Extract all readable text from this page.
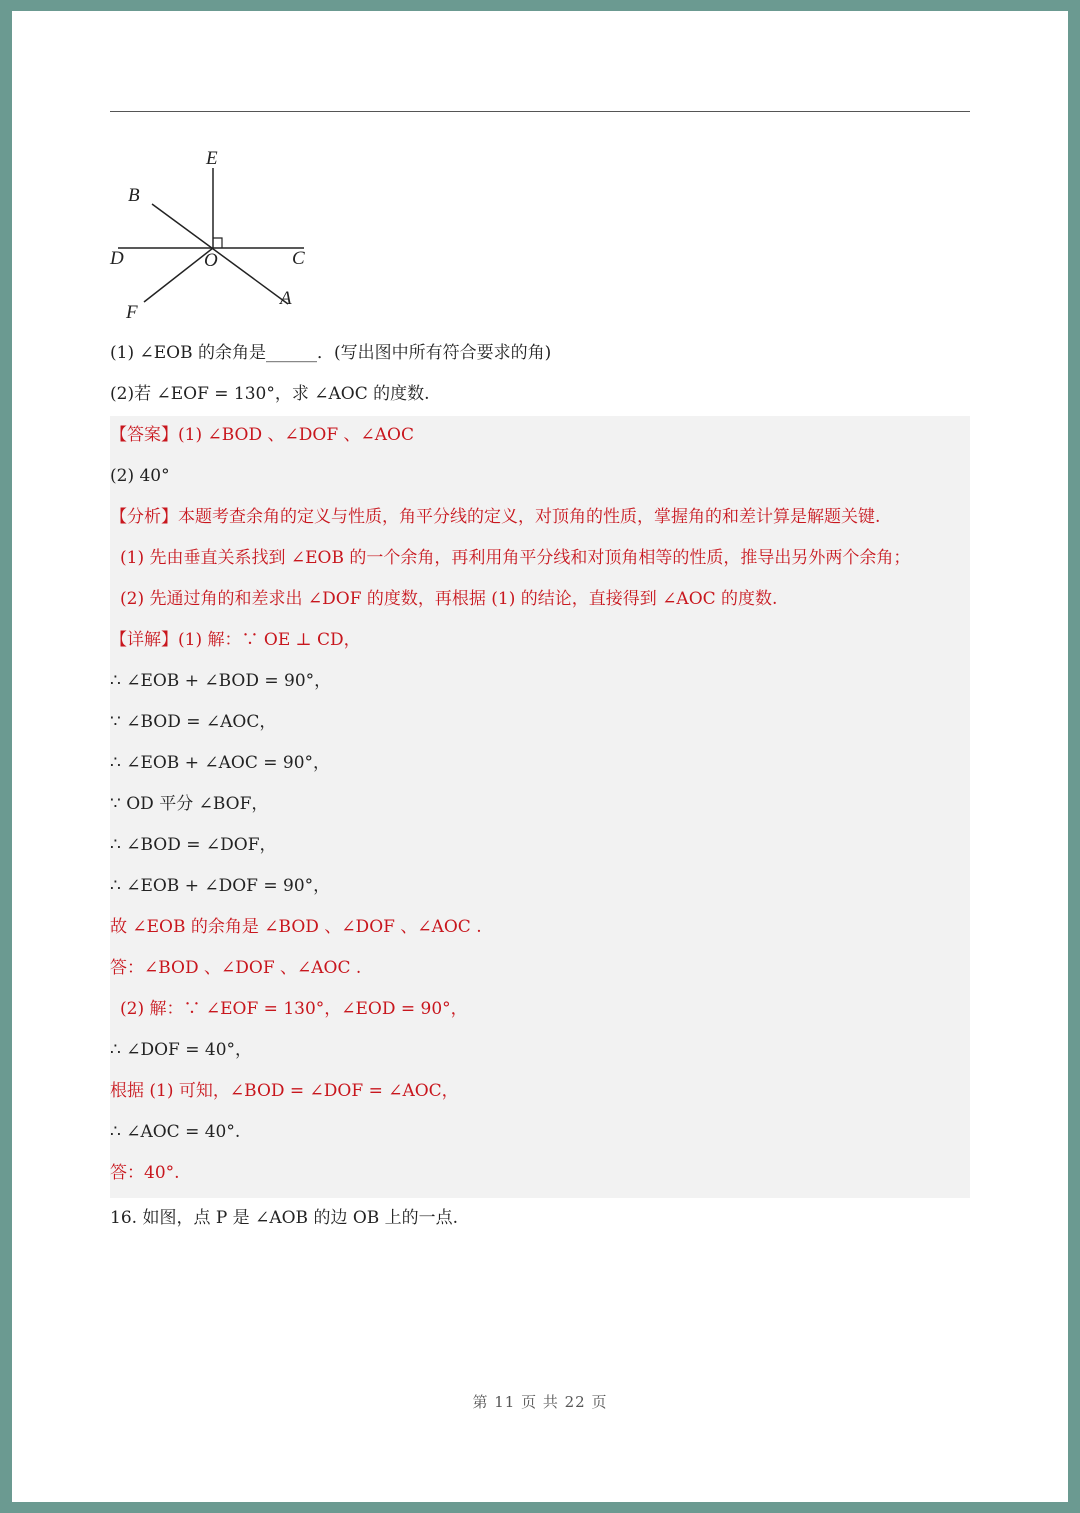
E
B
D	O	C
F
A
(1) ∠EOB 的余角是______．(写出图中所有符合要求的角)
(2)若 ∠EOF = 130°，求 ∠AOC 的度数.
【答案】(1) ∠BOD 、∠DOF 、∠AOC
(2) 40°
【分析】本题考查余角的定义与性质，角平分线的定义，对顶角的性质，掌握角的和差计算是解题关键.
(1) 先由垂直关系找到 ∠EOB 的一个余角，再利用角平分线和对顶角相等的性质，推导出另外两个余角；
(2) 先通过角的和差求出 ∠DOF 的度数，再根据 (1) 的结论，直接得到 ∠AOC 的度数.
【详解】(1) 解：∵ OE ⊥ CD，
∴ ∠EOB + ∠BOD = 90°，
∵ ∠BOD = ∠AOC，
∴ ∠EOB + ∠AOC = 90°，
∵ OD 平分 ∠BOF，
∴ ∠BOD = ∠DOF，
∴ ∠EOB + ∠DOF = 90°，
故 ∠EOB 的余角是 ∠BOD 、∠DOF 、∠AOC .
答：∠BOD 、∠DOF 、∠AOC .
(2) 解：∵ ∠EOF = 130°，∠EOD = 90°，
∴ ∠DOF = 40°，
根据 (1) 可知，∠BOD = ∠DOF = ∠AOC，
∴ ∠AOC = 40°.
答：40°.
16. 如图，点 P 是 ∠AOB 的边 OB 上的一点.
第 11 页 共 22 页
